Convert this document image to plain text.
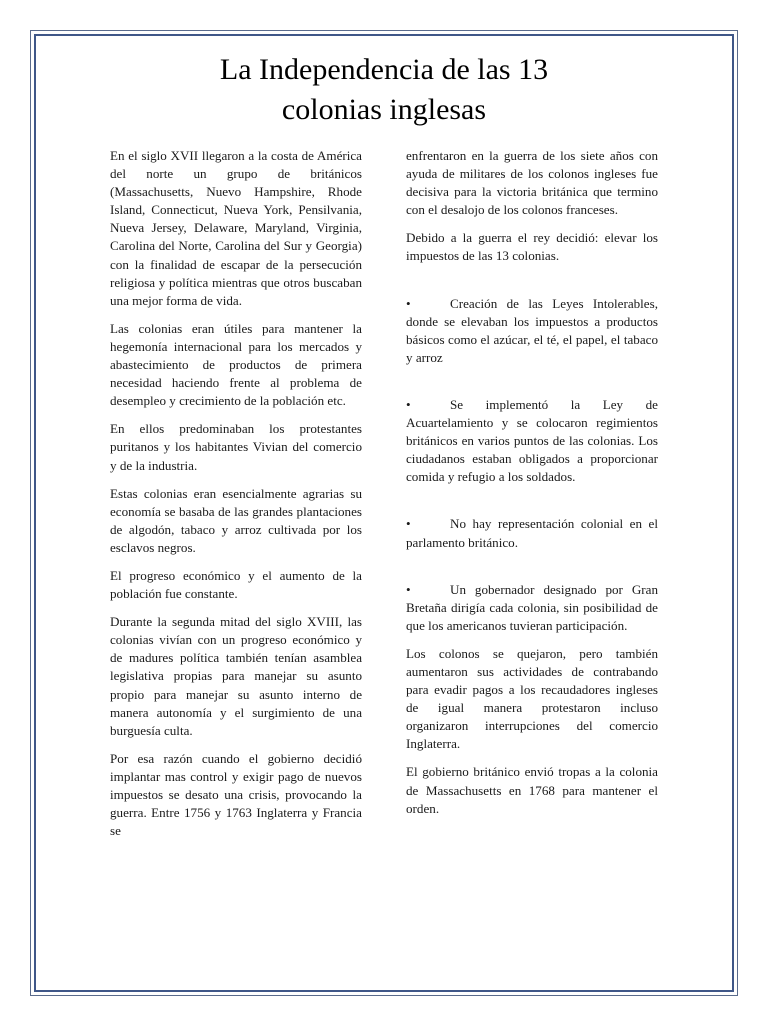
La Independencia de las 13
colonias inglesas

En el siglo XVII llegaron a la costa de América del norte un grupo de británicos (Massachusetts, Nuevo Hampshire, Rhode Island, Connecticut, Nueva York, Pensilvania, Nueva Jersey, Delaware, Maryland, Virginia, Carolina del Norte, Carolina del Sur y Georgia) con la finalidad de escapar de la persecución religiosa y política mientras que otros buscaban una mejor forma de vida.

Las colonias eran útiles para mantener la hegemonía internacional para los mercados y abastecimiento de productos de primera necesidad haciendo frente al problema de desempleo y crecimiento de la población etc.

En ellos predominaban los protestantes puritanos y los habitantes Vivian del comercio y de la industria.

Estas colonias eran esencialmente agrarias su economía se basaba de las grandes plantaciones de algodón, tabaco y arroz cultivada por los esclavos negros.

El progreso económico y el aumento de la población fue constante.

Durante la segunda mitad del siglo XVIII, las colonias vivían con un progreso económico y de madures política también tenían asamblea legislativa propias para manejar su asunto propio para manejar su asunto interno de manera autonomía y el surgimiento de una burguesía culta.

Por esa razón cuando el gobierno decidió implantar mas control y exigir pago de nuevos impuestos se desato una crisis, provocando la guerra. Entre 1756 y 1763 Inglaterra y Francia se

enfrentaron en la guerra de los siete años con ayuda de militares de los colonos ingleses fue decisiva para la victoria británica que termino con el desalojo de los colonos franceses.

Debido a la guerra el rey decidió: elevar los impuestos de las 13 colonias.

•	Creación de las Leyes Intolerables, donde se elevaban los impuestos a productos básicos como el azúcar, el té, el papel, el tabaco y arroz

•	Se implementó la Ley de Acuartelamiento y se colocaron regimientos británicos en varios puntos de las colonias. Los ciudadanos estaban obligados a proporcionar comida y refugio a los soldados.

•	No hay representación colonial en el parlamento británico.

•	Un gobernador designado por Gran Bretaña dirigía cada colonia, sin posibilidad de que los americanos tuvieran participación.

Los colonos se quejaron, pero también aumentaron sus actividades de contrabando para evadir pagos a los recaudadores ingleses de igual manera protestaron incluso organizaron interrupciones del comercio Inglaterra.

El gobierno británico envió tropas a la colonia de Massachusetts en 1768 para mantener el orden.
